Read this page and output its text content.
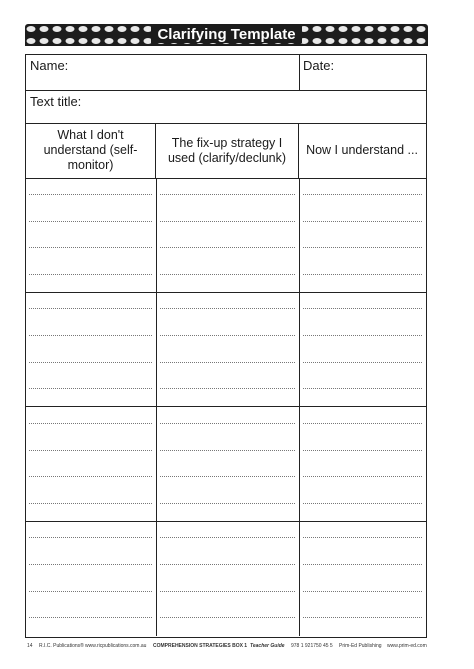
Clarifying Template
Name:	Date:
Text title:
What I don't understand (self-monitor)
The fix-up strategy I used (clarify/declunk)
Now I understand ...
14 R.I.C. Publications® www.ricpublications.com.au COMPREHENSION STRATEGIES BOX 1 Teacher Guide 978 1 921750 45 5 Prim-Ed Publishing www.prim-ed.com
